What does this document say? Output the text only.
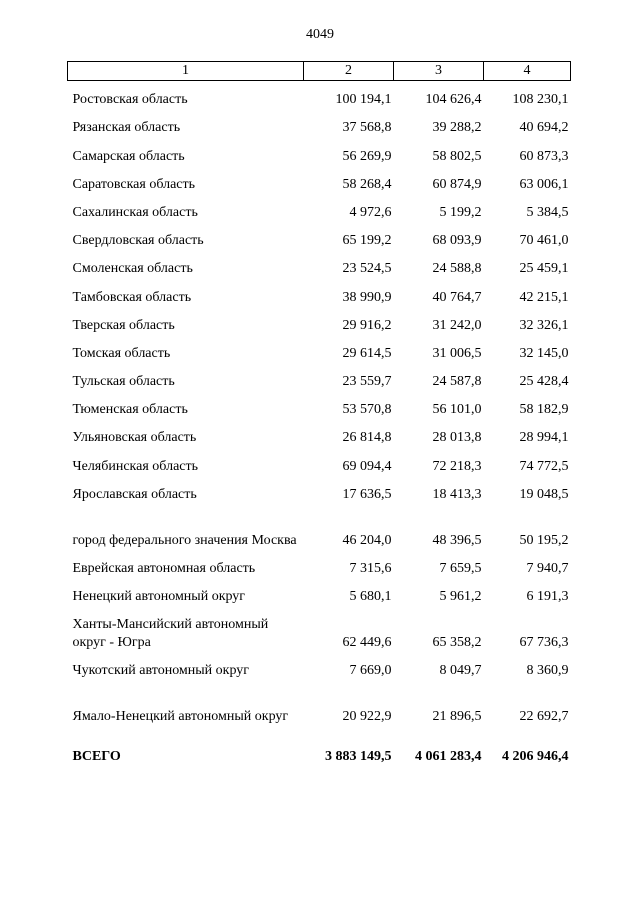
4049
1	2	3	4
Ростовская область	100 194,1	104 626,4	108 230,1
Рязанская область	37 568,8	39 288,2	40 694,2
Самарская область	56 269,9	58 802,5	60 873,3
Саратовская область	58 268,4	60 874,9	63 006,1
Сахалинская область	4 972,6	5 199,2	5 384,5
Свердловская область	65 199,2	68 093,9	70 461,0
Смоленская область	23 524,5	24 588,8	25 459,1
Тамбовская область	38 990,9	40 764,7	42 215,1
Тверская область	29 916,2	31 242,0	32 326,1
Томская область	29 614,5	31 006,5	32 145,0
Тульская область	23 559,7	24 587,8	25 428,4
Тюменская область	53 570,8	56 101,0	58 182,9
Ульяновская область	26 814,8	28 013,8	28 994,1
Челябинская область	69 094,4	72 218,3	74 772,5
Ярославская область	17 636,5	18 413,3	19 048,5
город федерального значения Москва	46 204,0	48 396,5	50 195,2
Еврейская автономная область	7 315,6	7 659,5	7 940,7
Ненецкий автономный округ	5 680,1	5 961,2	6 191,3
Ханты-Мансийский автономный округ - Югра	62 449,6	65 358,2	67 736,3
Чукотский автономный округ	7 669,0	8 049,7	8 360,9
Ямало-Ненецкий автономный округ	20 922,9	21 896,5	22 692,7
ВСЕГО	3 883 149,5	4 061 283,4	4 206 946,4
